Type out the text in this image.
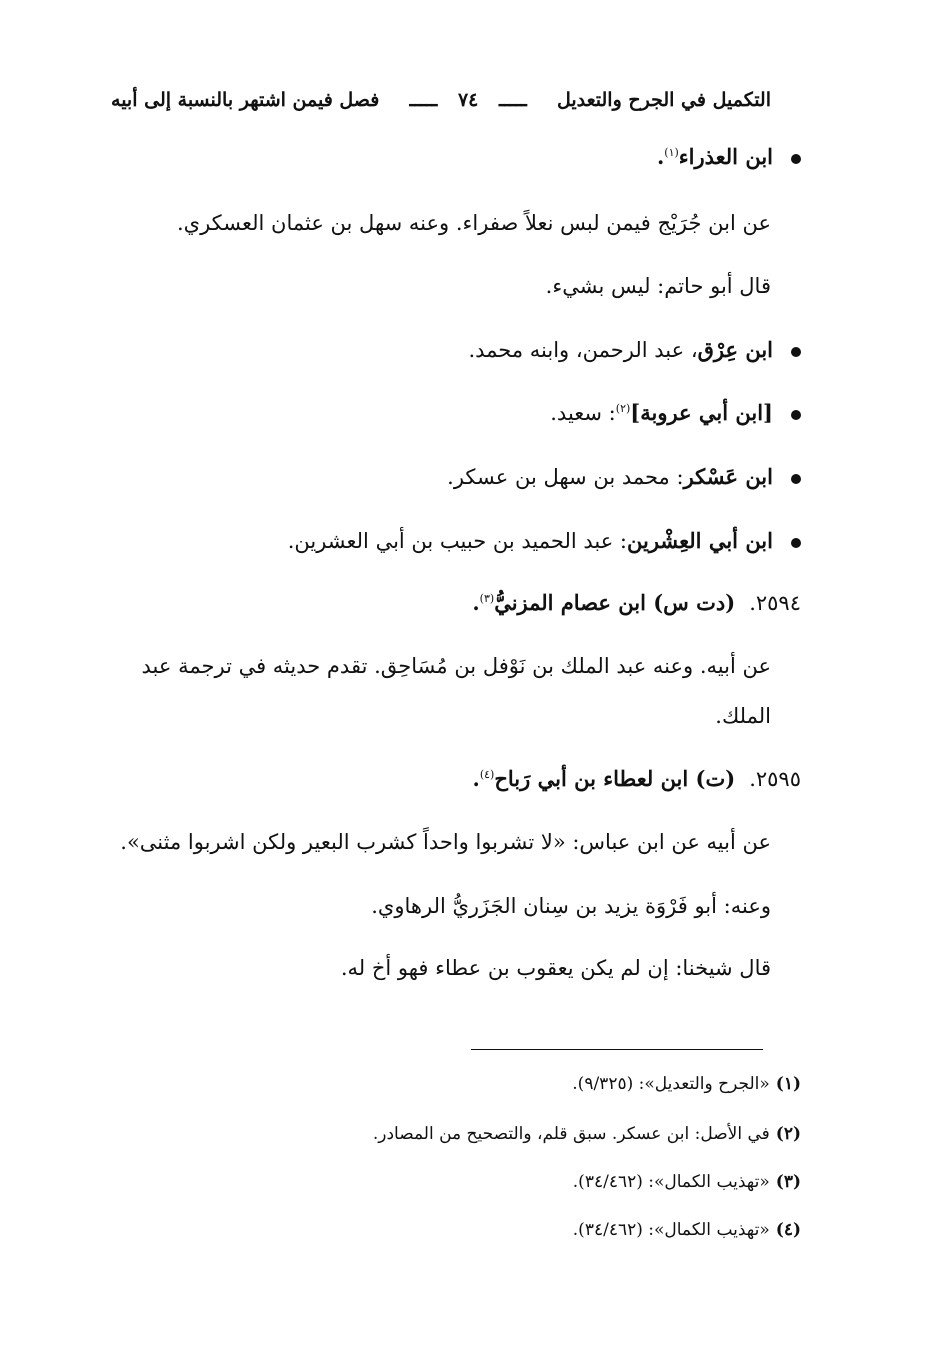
التكميل في الجرح والتعديل
ـــــ ٧٤ ـــــ
فصل فيمن اشتهر بالنسبة إلى أبيه
ابن العذراء$^{(١)}$.
عن ابن جُرَيْج فيمن لبس نعلاً صفراء. وعنه سهل بن عثمان العسكري.
قال أبو حاتم: ليس بشيء.
ابن عِرْق، عبد الرحمن، وابنه محمد.
[ابن أبي عروبة]$^{(٢)}$: سعيد.
ابن عَسْكر: محمد بن سهل بن عسكر.
ابن أبي العِشْرين: عبد الحميد بن حبيب بن أبي العشرين.
٢٥٩٤.(دت س) ابن عصام المزنيُّ$^{(٣)}$.
عن أبيه. وعنه عبد الملك بن نَوْفل بن مُسَاحِق. تقدم حديثه في ترجمة عبد
الملك.
٢٥٩٥.(ت) ابن لعطاء بن أبي رَباح$^{(٤)}$.
عن أبيه عن ابن عباس: «لا تشربوا واحداً كشرب البعير ولكن اشربوا مثنى».
وعنه: أبو فَرْوَة يزيد بن سِنان الجَزَريُّ الرهاوي.
قال شيخنا: إن لم يكن يعقوب بن عطاء فهو أخ له.
(١)«الجرح والتعديل»: (٩/٣٢٥).
(٢)في الأصل: ابن عسكر. سبق قلم، والتصحيح من المصادر.
(٣)«تهذيب الكمال»: (٣٤/٤٦٢).
(٤)«تهذيب الكمال»: (٣٤/٤٦٢).
